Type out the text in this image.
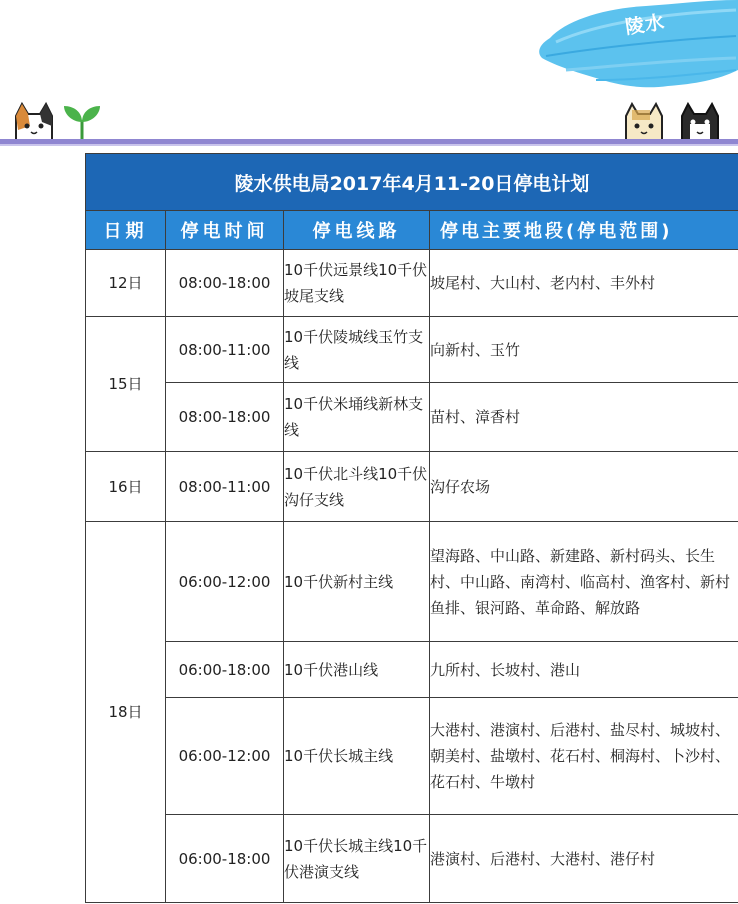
陵水
陵水供电局2017年4月11-20日停电计划			
日期	停电时间	停电线路	停电主要地段(停电范围)
12日	08:00-18:00	10千伏远景线10千伏坡尾支线	坡尾村、大山村、老内村、丰外村
15日	08:00-11:00	10千伏陵城线玉竹支线	向新村、玉竹
	08:00-18:00	10千伏米埇线新林支线	苗村、漳香村
16日	08:00-11:00	10千伏北斗线10千伏沟仔支线	沟仔农场
18日	06:00-12:00	10千伏新村主线	望海路、中山路、新建路、新村码头、长生村、中山路、南湾村、临高村、渔客村、新村鱼排、银河路、革命路、解放路
	06:00-18:00	10千伏港山线	九所村、长坡村、港山
	06:00-12:00	10千伏长城主线	大港村、港演村、后港村、盐尽村、城坡村、朝美村、盐墩村、花石村、桐海村、卜沙村、花石村、牛墩村
	06:00-18:00	10千伏长城主线10千伏港演支线	港演村、后港村、大港村、港仔村
